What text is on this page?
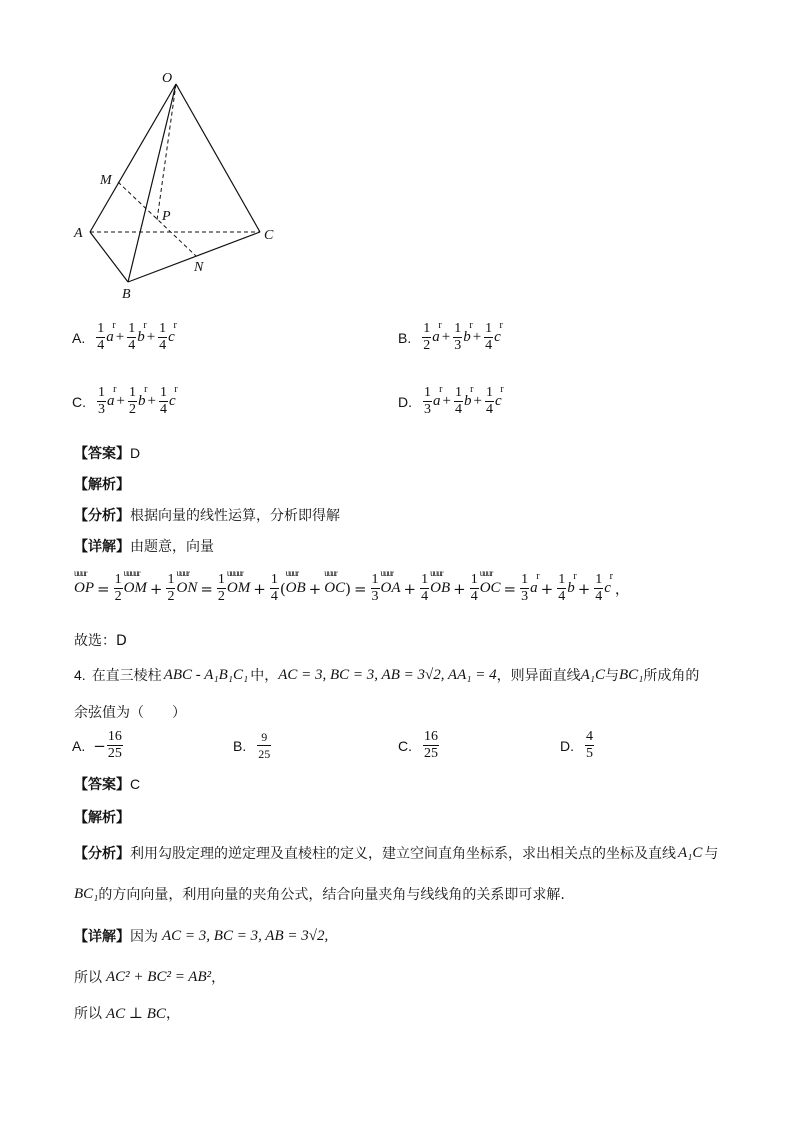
O
M
P
A	C
N
B
A. $\frac{1}{4}$ a
r
+ $\frac{1}{4}$ b
r
+ $\frac{1}{4}$ c
r
B. $\frac{1}{2}$ a
r
+ $\frac{1}{3}$ b
r
+ $\frac{1}{4}$ c
r
C. $\frac{1}{3}$ a
r
+ $\frac{1}{2}$ b
r
+ $\frac{1}{4}$ c
r
D. $\frac{1}{3}$ a
r
+ $\frac{1}{4}$ b
r
+ $\frac{1}{4}$ c
r
【答案】 D
【解析】
【分析】 根据向量的线性运算，分析即得解
【详解】 由题意，向量
uuur
OP = $\frac{1}{2}$ uuuur
OM + $\frac{1}{2}$ uuur
ON = $\frac{1}{2}$ uuuur
OM + $\frac{1}{4}$ (
uuur
OB +
uuur
OC ) = $\frac{1}{3}$ uuur
OA + $\frac{1}{4}$ uuur
OB + $\frac{1}{4}$ uuur
OC = $\frac{1}{3}$ a
r
+ $\frac{1}{4}$ b
r
+ $\frac{1}{4}$ c
r
，
故选：D
4. 在直三棱柱 ABC - A₁B₁C₁ 中， AC = 3, BC = 3, AB = 3√2, AA₁ = 4 ，则异面直线 A₁C 与 BC₁ 所成角的
余弦值为（　　）
A. − $\frac{16}{25}$	B. $\frac{9}{25}$	C. $\frac{16}{25}$	D. $\frac{4}{5}$
【答案】 C
【解析】
【分析】 利用勾股定理的逆定理及直棱柱的定义，建立空间直角坐标系，求出相关点的坐标及直线 A₁C 与
BC₁ 的方向向量，利用向量的夹角公式，结合向量夹角与线线角的关系即可求解.
【详解】 因为 AC = 3, BC = 3, AB = 3√2,
所以 AC² + BC² = AB² ，
所以 AC ⊥ BC ，
